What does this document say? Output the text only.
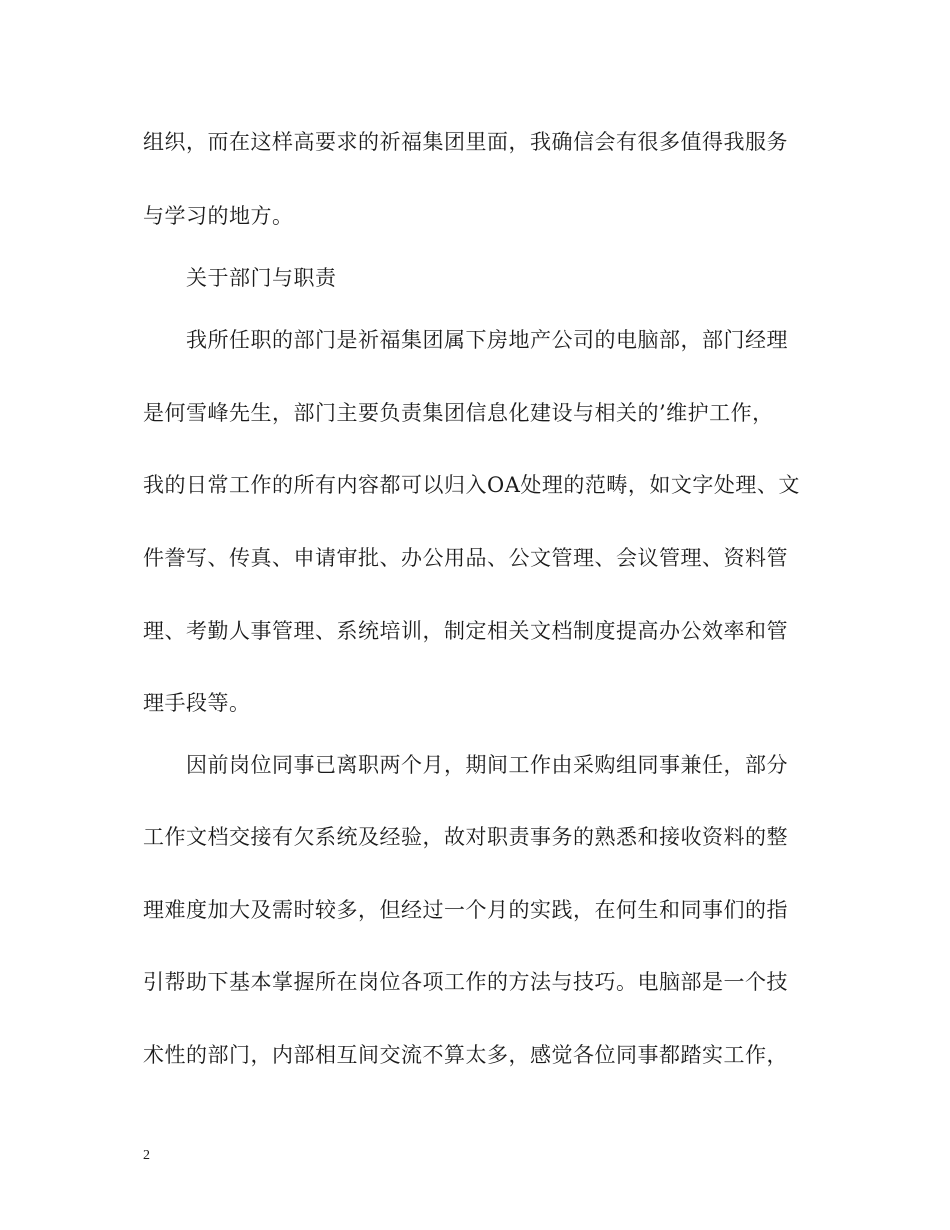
组织，而在这样高要求的祈福集团里面，我确信会有很多值得我服务
与学习的地方。
　　关于部门与职责
　　我所任职的部门是祈福集团属下房地产公司的电脑部，部门经理
是何雪峰先生，部门主要负责集团信息化建设与相关的’维护工作，
我的日常工作的所有内容都可以归入OA处理的范畴，如文字处理、文
件誊写、传真、申请审批、办公用品、公文管理、会议管理、资料管
理、考勤人事管理、系统培训，制定相关文档制度提高办公效率和管
理手段等。
　　因前岗位同事已离职两个月，期间工作由采购组同事兼任，部分
工作文档交接有欠系统及经验，故对职责事务的熟悉和接收资料的整
理难度加大及需时较多，但经过一个月的实践，在何生和同事们的指
引帮助下基本掌握所在岗位各项工作的方法与技巧。电脑部是一个技
术性的部门，内部相互间交流不算太多，感觉各位同事都踏实工作，
2
